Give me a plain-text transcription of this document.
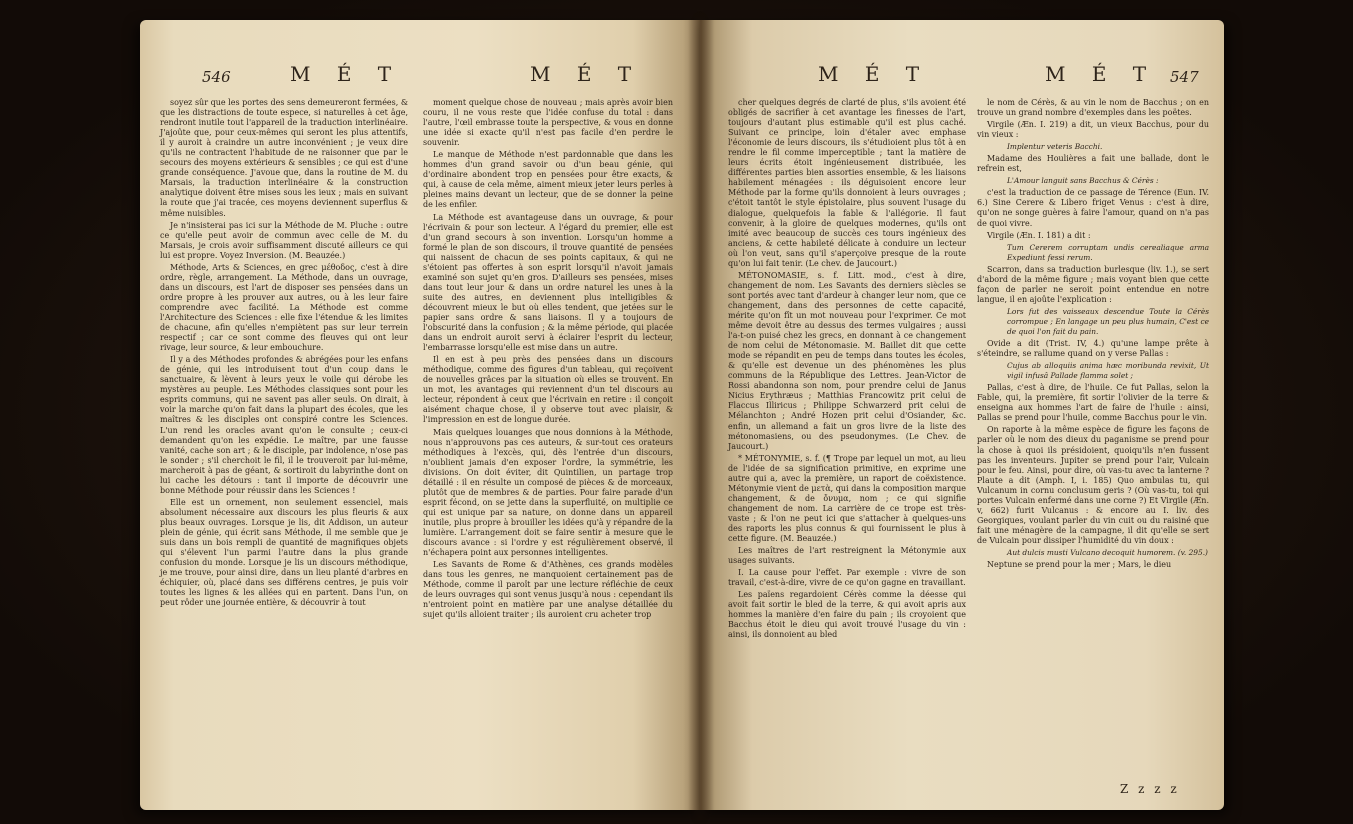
546	M É T	M É T

soyez sûr que les portes des sens demeureront fermées, & que les distractions de toute espece, si naturelles à cet âge, rendront inutile tout l'appareil de la traduction interlinéaire. J'ajoûte que, pour ceux-mêmes qui seront les plus attentifs, il y auroit à craindre un autre inconvénient ; je veux dire qu'ils ne contractent l'habitude de ne raisonner que par le secours des moyens extérieurs & sensibles ; ce qui est d'une grande conséquence. J'avoue que, dans la routine de M. du Marsais, la traduction interlinéaire & la construction analytique doivent être mises sous les ieux ; mais en suivant la route que j'ai tracée, ces moyens deviennent superflus & même nuisibles.

Je n'insisterai pas ici sur la Méthode de M. Pluche : outre ce qu'elle peut avoir de commun avec celle de M. du Marsais, je crois avoir suffisamment discuté ailleurs ce qui lui est propre. Voyez Inversion. (M. Beauzée.)

Méthode, Arts & Sciences, en grec μέθοδος, c'est à dire ordre, règle, arrangement. La Méthode, dans un ouvrage, dans un discours, est l'art de disposer ses pensées dans un ordre propre à les prouver aux autres, ou à les leur faire comprendre avec facilité. La Méthode est comme l'Architecture des Sciences : elle fixe l'étendue & les limites de chacune, afin qu'elles n'empiètent pas sur leur terrein respectif ; car ce sont comme des fleuves qui ont leur rivage, leur source, & leur embouchure.

Il y a des Méthodes profondes & abrégées pour les enfans de génie, qui les introduisent tout d'un coup dans le sanctuaire, & lèvent à leurs yeux le voile qui dérobe les mystères au peuple. Les Méthodes classiques sont pour les esprits communs, qui ne savent pas aller seuls. On dirait, à voir la marche qu'on fait dans la plupart des écoles, que les maîtres & les disciples ont conspiré contre les Sciences. L'un rend les oracles avant qu'on le consulte ; ceux-ci demandent qu'on les expédie. Le maître, par une fausse vanité, cache son art ; & le disciple, par indolence, n'ose pas le sonder ; s'il cherchoit le fil, il le trouveroit par lui-même, marcheroit à pas de géant, & sortiroit du labyrinthe dont on lui cache les détours : tant il importe de découvrir une bonne Méthode pour réussir dans les Sciences !

Elle est un ornement, non seulement essenciel, mais absolument nécessaire aux discours les plus fleuris & aux plus beaux ouvrages. Lorsque je lis, dit Addison, un auteur plein de génie, qui écrit sans Méthode, il me semble que je suis dans un bois rempli de quantité de magnifiques objets qui s'élevent l'un parmi l'autre dans la plus grande confusion du monde. Lorsque je lis un discours méthodique, je me trouve, pour ainsi dire, dans un lieu planté d'arbres en échiquier, où, placé dans ses différens centres, je puis voir toutes les lignes & les allées qui en partent. Dans l'un, on peut rôder une journée entière, & découvrir à tout

moment quelque chose de nouveau ; mais après avoir bien couru, il ne vous reste que l'idée confuse du total : dans l'autre, l'œil embrasse toute la perspective, & vous en donne une idée si exacte qu'il n'est pas facile d'en perdre le souvenir.

Le manque de Méthode n'est pardonnable que dans les hommes d'un grand savoir ou d'un beau génie, qui d'ordinaire abondent trop en pensées pour être exacts, & qui, à cause de cela même, aiment mieux jeter leurs perles à pleines mains devant un lecteur, que de se donner la peine de les enfiler.

La Méthode est avantageuse dans un ouvrage, & pour l'écrivain & pour son lecteur. A l'égard du premier, elle est d'un grand secours à son invention. Lorsqu'un homme a formé le plan de son discours, il trouve quantité de pensées qui naissent de chacun de ses points capitaux, & qui ne s'étoient pas offertes à son esprit lorsqu'il n'avoit jamais examiné son sujet qu'en gros. D'ailleurs ses pensées, mises dans tout leur jour & dans un ordre naturel les unes à la suite des autres, en deviennent plus intelligibles & découvrent mieux le but où elles tendent, que jetées sur le papier sans ordre & sans liaisons. Il y a toujours de l'obscurité dans la confusion ; & la même période, qui placée dans un endroit auroit servi à éclairer l'esprit du lecteur, l'embarrasse lorsqu'elle est mise dans un autre.

Il en est à peu près des pensées dans un discours méthodique, comme des figures d'un tableau, qui reçoivent de nouvelles grâces par la situation où elles se trouvent. En un mot, les avantages qui reviennent d'un tel discours au lecteur, répondent à ceux que l'écrivain en retire : il conçoit aisément chaque chose, il y observe tout avec plaisir, & l'impression en est de longue durée.

Mais quelques louanges que nous donnions à la Méthode, nous n'approuvons pas ces auteurs, & sur-tout ces orateurs méthodiques à l'excès, qui, dès l'entrée d'un discours, n'oublient jamais d'en exposer l'ordre, la symmétrie, les divisions. On doit éviter, dit Quintilien, un partage trop détaillé : il en résulte un composé de pièces & de morceaux, plutôt que de membres & de parties. Pour faire parade d'un esprit fécond, on se jette dans la superfluité, on multiplie ce qui est unique par sa nature, on donne dans un appareil inutile, plus propre à brouiller les idées qu'à y répandre de la lumière. L'arrangement doit se faire sentir à mesure que le discours avance : si l'ordre y est régulièrement observé, il n'échapera point aux personnes intelligentes.

Les Savants de Rome & d'Athènes, ces grands modèles dans tous les genres, ne manquoient certainement pas de Méthode, comme il paroît par une lecture réfléchie de ceux de leurs ouvrages qui sont venus jusqu'à nous : cependant ils n'entroient point en matière par une analyse détaillée du sujet qu'ils alloient traiter ; ils auroient cru acheter trop

M É T	M É T 547

cher quelques degrés de clarté de plus, s'ils avoient été obligés de sacrifier à cet avantage les finesses de l'art, toujours d'autant plus estimable qu'il est plus caché. Suivant ce principe, loin d'étaler avec emphase l'économie de leurs discours, ils s'étudioient plus tôt à en rendre le fil comme imperceptible ; tant la matière de leurs écrits étoit ingénieusement distribuée, les différentes parties bien assorties ensemble, & les liaisons habilement ménagées : ils déguisoient encore leur Méthode par la forme qu'ils donnoient à leurs ouvrages ; c'étoit tantôt le style épistolaire, plus souvent l'usage du dialogue, quelquefois la fable & l'allégorie. Il faut convenir, à la gloire de quelques modernes, qu'ils ont imité avec beaucoup de succès ces tours ingénieux des anciens, & cette habileté délicate à conduire un lecteur où l'on veut, sans qu'il s'aperçoive presque de la route qu'on lui fait tenir. (Le chev. de Jaucourt.)

MÉTONOMASIE, s. f. Litt. mod., c'est à dire, changement de nom. Les Savants des derniers siècles se sont portés avec tant d'ardeur à changer leur nom, que ce changement, dans des personnes de cette capacité, mérite qu'on fît un mot nouveau pour l'exprimer. Ce mot même devoit être au dessus des termes vulgaires ; aussi l'a-t-on puisé chez les grecs, en donnant à ce changement de nom celui de Métonomasie. M. Baillet dit que cette mode se répandit en peu de temps dans toutes les écoles, & qu'elle est devenue un des phénomènes les plus communs de la République des Lettres. Jean-Victor de Rossi abandonna son nom, pour prendre celui de Janus Nicius Erythræus ; Matthias Francowitz prit celui de Flaccus Illiricus ; Philippe Schwarzerd prit celui de Mélanchton ; André Hozen prit celui d'Osiander, &c. enfin, un allemand a fait un gros livre de la liste des métonomasiens, ou des pseudonymes. (Le Chev. de Jaucourt.)

* MÉTONYMIE, s. f. (¶ Trope par lequel un mot, au lieu de l'idée de sa signification primitive, en exprime une autre qui a, avec la première, un raport de coëxistence. Métonymie vient de μετὰ, qui dans la composition marque changement, & de ὄνυμα, nom ; ce qui signifie changement de nom. La carrière de ce trope est très-vaste ; & l'on ne peut ici que s'attacher à quelques-uns des raports les plus connus & qui fournissent le plus à cette figure. (M. Beauzée.)

Les maîtres de l'art restreignent la Métonymie aux usages suivants.

I. La cause pour l'effet. Par exemple : vivre de son travail, c'est-à-dire, vivre de ce qu'on gagne en travaillant.

Les païens regardoient Cérès comme la déesse qui avoit fait sortir le bled de la terre, & qui avoit apris aux hommes la manière d'en faire du pain ; ils croyoient que Bacchus étoit le dieu qui avoit trouvé l'usage du vin : ainsi, ils donnoient au bled

le nom de Cérès, & au vin le nom de Bacchus ; on en trouve un grand nombre d'exemples dans les poëtes.

Virgile (Æn. I. 219) a dit, un vieux Bacchus, pour du vin vieux :

Implentur veteris Bacchi.

Madame des Houlières a fait une ballade, dont le refrein est,

L'Amour languit sans Bacchus & Cérès :

c'est la traduction de ce passage de Térence (Eun. IV. 6.) Sine Cerere & Libero friget Venus : c'est à dire, qu'on ne songe guères à faire l'amour, quand on n'a pas de quoi vivre.

Virgile (Æn. I. 181) a dit :

Tum Cererem corruptam undis cerealiaque arma Expediunt fessi rerum.

Scarron, dans sa traduction burlesque (liv. 1.), se sert d'abord de la même figure ; mais voyant bien que cette façon de parler ne seroit point entendue en notre langue, il en ajoûte l'explication :

Lors fut des vaisseaux descendue Toute la Cérès corrompue ; En langage un peu plus humain, C'est ce de quoi l'on fait du pain.

Ovide a dit (Trist. IV, 4.) qu'une lampe prête à s'éteindre, se rallume quand on y verse Pallas :

Cujus ab alloquiis anima hæc moribunda revixit, Ut vigil infusâ Pallade flamma solet ;

Pallas, c'est à dire, de l'huile. Ce fut Pallas, selon la Fable, qui, la première, fit sortir l'olivier de la terre & enseigna aux hommes l'art de faire de l'huile : ainsi, Pallas se prend pour l'huile, comme Bacchus pour le vin.

On raporte à la même espèce de figure les façons de parler où le nom des dieux du paganisme se prend pour la chose à quoi ils présidoient, quoiqu'ils n'en fussent pas les inventeurs. Jupiter se prend pour l'air, Vulcain pour le feu. Ainsi, pour dire, où vas-tu avec ta lanterne ? Plaute a dit (Amph. I, i. 185) Quo ambulas tu, qui Vulcanum in cornu conclusum geris ? (Où vas-tu, toi qui portes Vulcain enfermé dans une corne ?) Et Virgile (Æn. v, 662) furit Vulcanus : & encore au I. liv. des Georgiques, voulant parler du vin cuit ou du raisiné que fait une ménagère de la campagne, il dit qu'elle se sert de Vulcain pour dissiper l'humidité du vin doux :

Aut dulcis musti Vulcano decoquit humorem. (v. 295.)

Neptune se prend pour la mer ; Mars, le dieu

Z z z z
